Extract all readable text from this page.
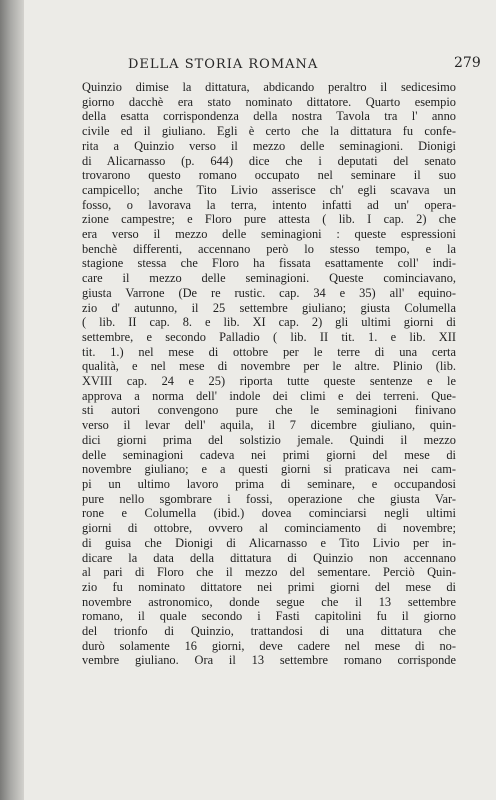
DELLA STORIA ROMANA	279
Quinzio dimise la dittatura, abdicando peraltro il sedicesimo
giorno dacchè era stato nominato dittatore. Quarto esempio
della esatta corrispondenza della nostra Tavola tra l' anno
civile ed il giuliano. Egli è certo che la dittatura fu confe-
rita a Quinzio verso il mezzo delle seminagioni. Dionigi
di Alicarnasso (p. 644) dice che i deputati del senato
trovarono questo romano occupato nel seminare il suo
campicello; anche Tito Livio asserisce ch' egli scavava un
fosso, o lavorava la terra, intento infatti ad un' opera-
zione campestre; e Floro pure attesta ( lib. I cap. 2) che
era verso il mezzo delle seminagioni : queste espressioni
benchè differenti, accennano però lo stesso tempo, e la
stagione stessa che Floro ha fissata esattamente coll' indi-
care il mezzo delle seminagioni. Queste cominciavano,
giusta Varrone (De re rustic. cap. 34 e 35) all' equino-
zio d' autunno, il 25 settembre giuliano; giusta Columella
( lib. II cap. 8. e lib. XI cap. 2) gli ultimi giorni di
settembre, e secondo Palladio ( lib. II tit. 1. e lib. XII
tit. 1.) nel mese di ottobre per le terre di una certa
qualità, e nel mese di novembre per le altre. Plinio (lib.
XVIII cap. 24 e 25) riporta tutte queste sentenze e le
approva a norma dell' indole dei climi e dei terreni. Que-
sti autori convengono pure che le seminagioni finivano
verso il levar dell' aquila, il 7 dicembre giuliano, quin-
dici giorni prima del solstizio jemale. Quindi il mezzo
delle seminagioni cadeva nei primi giorni del mese di
novembre giuliano; e a questi giorni si praticava nei cam-
pi un ultimo lavoro prima di seminare, e occupandosi
pure nello sgombrare i fossi, operazione che giusta Var-
rone e Columella (ibid.) dovea cominciarsi negli ultimi
giorni di ottobre, ovvero al cominciamento di novembre;
di guisa che Dionigi di Alicarnasso e Tito Livio per in-
dicare la data della dittatura di Quinzio non accennano
al pari di Floro che il mezzo del sementare. Perciò Quin-
zio fu nominato dittatore nei primi giorni del mese di
novembre astronomico, donde segue che il 13 settembre
romano, il quale secondo i Fasti capitolini fu il giorno
del trionfo di Quinzio, trattandosi di una dittatura che
durò solamente 16 giorni, deve cadere nel mese di no-
vembre giuliano. Ora il 13 settembre romano corrisponde
